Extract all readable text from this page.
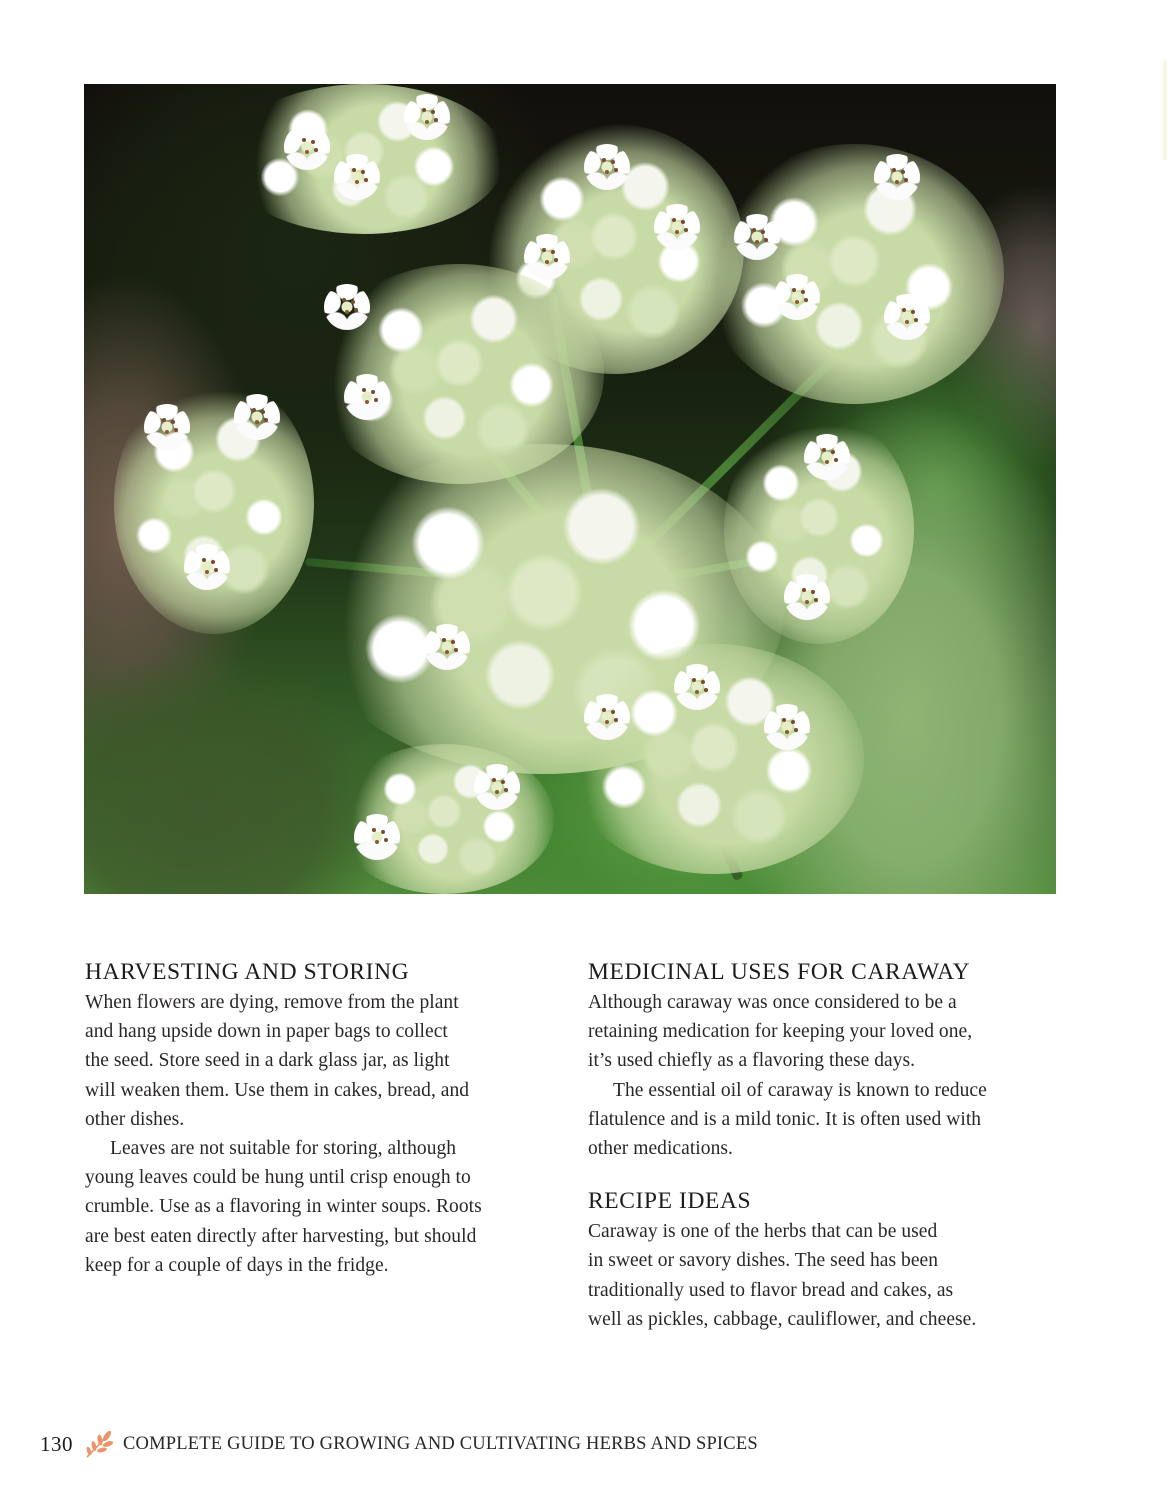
HARVESTING AND STORING

When flowers are dying, remove from the plant
and hang upside down in paper bags to collect
the seed. Store seed in a dark glass jar, as light
will weaken them. Use them in cakes, bread, and
other dishes.

Leaves are not suitable for storing, although
young leaves could be hung until crisp enough to
crumble. Use as a flavoring in winter soups. Roots
are best eaten directly after harvesting, but should
keep for a couple of days in the fridge.

MEDICINAL USES FOR CARAWAY

Although caraway was once considered to be a
retaining medication for keeping your loved one,
it’s used chiefly as a flavoring these days.

The essential oil of caraway is known to reduce
flatulence and is a mild tonic. It is often used with
other medications.

RECIPE IDEAS

Caraway is one of the herbs that can be used
in sweet or savory dishes. The seed has been
traditionally used to flavor bread and cakes, as
well as pickles, cabbage, cauliflower, and cheese.

130	COMPLETE GUIDE TO GROWING AND CULTIVATING HERBS AND SPICES
